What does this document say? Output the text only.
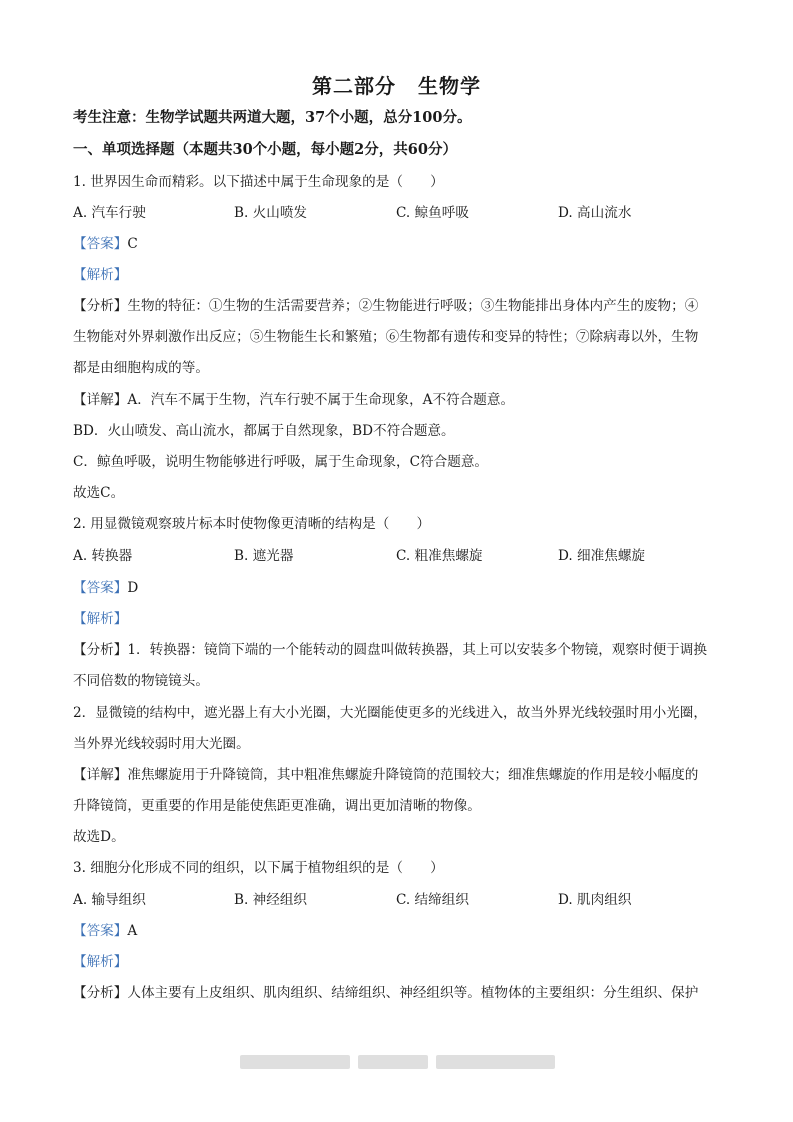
第二部分 生物学
考生注意：生物学试题共两道大题，37个小题，总分100分。
一、单项选择题（本题共30个小题，每小题2分，共60分）
1. 世界因生命而精彩。以下描述中属于生命现象的是（　　）
A. 汽车行驶	B. 火山喷发	C. 鲸鱼呼吸	D. 高山流水
【答案】C
【解析】
【分析】生物的特征：①生物的生活需要营养；②生物能进行呼吸；③生物能排出身体内产生的废物；④
生物能对外界刺激作出反应；⑤生物能生长和繁殖；⑥生物都有遗传和变异的特性；⑦除病毒以外，生物
都是由细胞构成的等。
【详解】A．汽车不属于生物，汽车行驶不属于生命现象，A不符合题意。
BD．火山喷发、高山流水，都属于自然现象，BD不符合题意。
C．鲸鱼呼吸，说明生物能够进行呼吸，属于生命现象，C符合题意。
故选C。
2. 用显微镜观察玻片标本时使物像更清晰的结构是（　　）
A. 转换器	B. 遮光器	C. 粗准焦螺旋	D. 细准焦螺旋
【答案】D
【解析】
【分析】1．转换器：镜筒下端的一个能转动的圆盘叫做转换器，其上可以安装多个物镜，观察时便于调换
不同倍数的物镜镜头。
2．显微镜的结构中，遮光器上有大小光圈，大光圈能使更多的光线进入，故当外界光线较强时用小光圈，
当外界光线较弱时用大光圈。
【详解】准焦螺旋用于升降镜筒，其中粗准焦螺旋升降镜筒的范围较大；细准焦螺旋的作用是较小幅度的
升降镜筒，更重要的作用是能使焦距更准确，调出更加清晰的物像。
故选D。
3. 细胞分化形成不同的组织，以下属于植物组织的是（　　）
A. 输导组织	B. 神经组织	C. 结缔组织	D. 肌肉组织
【答案】A
【解析】
【分析】人体主要有上皮组织、肌肉组织、结缔组织、神经组织等。植物体的主要组织：分生组织、保护
